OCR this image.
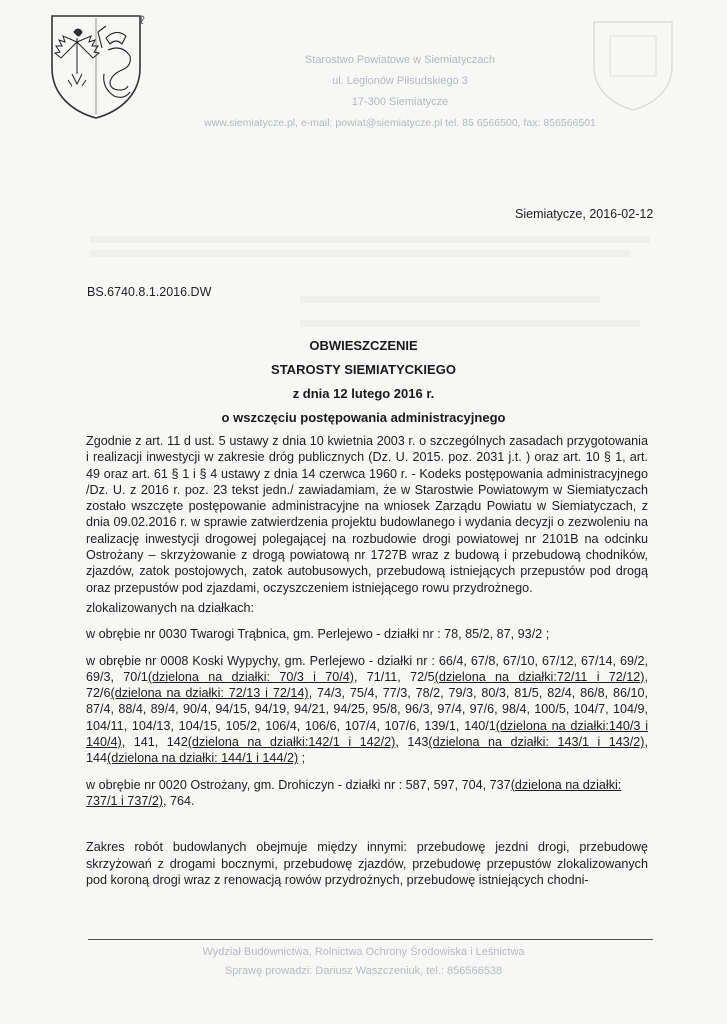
☧
Starostwo Powiatowe w Siemiatyczach
ul. Legionów Piłsudskiego 3
17-300 Siemiatycze
www.siemiatycze.pl, e-mail: powiat@siemiatycze.pl tel. 85 6566500, fax: 856566501
Siemiatycze, 2016-02-12
BS.6740.8.1.2016.DW
OBWIESZCZENIE
STAROSTY SIEMIATYCKIEGO
z dnia 12 lutego 2016 r.
o wszczęciu postępowania administracyjnego

Zgodnie z art. 11 d ust. 5 ustawy z dnia 10 kwietnia 2003 r. o szczególnych zasadach przygotowania i realizacji inwestycji w zakresie dróg publicznych (Dz. U. 2015. poz. 2031 j.t. ) oraz art. 10 § 1, art. 49 oraz art. 61 § 1 i § 4 ustawy z dnia 14 czerwca 1960 r. - Kodeks postępowania administracyjnego /Dz. U. z 2016 r. poz. 23 tekst jedn./ zawiadamiam, że w Starostwie Powiatowym w Siemiatyczach zostało wszczęte postępowanie administracyjne na wniosek Zarządu Powiatu w Siemiatyczach, z dnia 09.02.2016 r. w sprawie zatwierdzenia projektu budowlanego i wydania decyzji o zezwoleniu na realizację inwestycji drogowej polegającej na rozbudowie drogi powiatowej nr 2101B na odcinku Ostrożany – skrzyżowanie z drogą powiatową nr 1727B wraz z budową i przebudową chodników, zjazdów, zatok postojowych, zatok autobusowych, przebudową istniejących przepustów pod drogą oraz przepustów pod zjazdami, oczyszczeniem istniejącego rowu przydrożnego.

zlokalizowanych na działkach:

w obrębie nr 0030 Twarogi Trąbnica, gm. Perlejewo - działki nr : 78, 85/2, 87, 93/2 ;

w obrębie nr 0008 Koski Wypychy, gm. Perlejewo - działki nr : 66/4, 67/8, 67/10, 67/12, 67/14, 69/2, 69/3, 70/1(dzielona na działki: 70/3 i 70/4), 71/11, 72/5(dzielona na działki:72/11 i 72/12), 72/6(dzielona na działki: 72/13 i 72/14), 74/3, 75/4, 77/3, 78/2, 79/3, 80/3, 81/5, 82/4, 86/8, 86/10, 87/4, 88/4, 89/4, 90/4, 94/15, 94/19, 94/21, 94/25, 95/8, 96/3, 97/4, 97/6, 98/4, 100/5, 104/7, 104/9, 104/11, 104/13, 104/15, 105/2, 106/4, 106/6, 107/4, 107/6, 139/1, 140/1(dzielona na działki:140/3 i 140/4), 141, 142(dzielona na działki:142/1 i 142/2), 143(dzielona na działki: 143/1 i 143/2), 144(dzielona na działki: 144/1 i 144/2) ;

w obrębie nr 0020 Ostrożany, gm. Drohiczyn - działki nr : 587, 597, 704, 737(dzielona na działki: 737/1 i 737/2), 764.

Zakres robót budowlanych obejmuje między innymi: przebudowę jezdni drogi, przebudowę skrzyżowań z drogami bocznymi, przebudowę zjazdów, przebudowę przepustów zlokalizowanych pod koroną drogi wraz z renowacją rowów przydrożnych, przebudowę istniejących chodni-

Wydział Budownictwa, Rolnictwa Ochrony Środowiska i Leśnictwa
Sprawę prowadzi: Dariusz Waszczeniuk, tel.: 856566538
